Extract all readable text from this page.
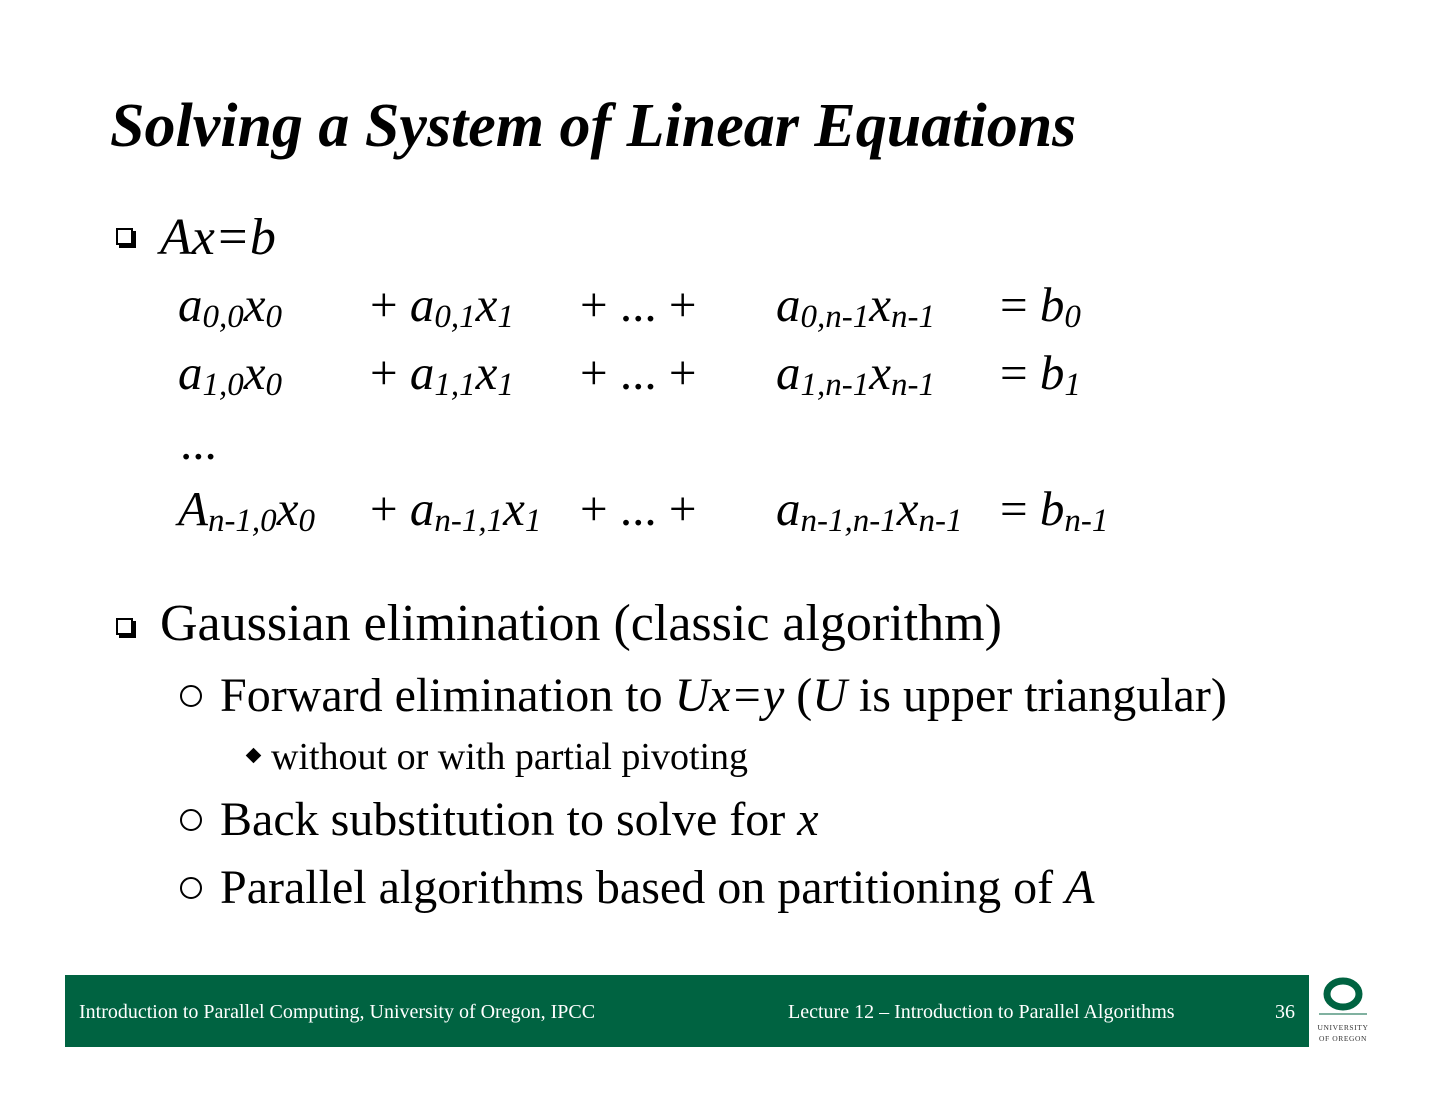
Solving a System of Linear Equations
Ax=b
$a_{0,0}x_0 + a_{0,1}x_1$ + ... + $a_{0,n-1}x_{n-1} = b_0$
$a_{1,0}x_0 + a_{1,1}x_1$ + ... + $a_{1,n-1}x_{n-1} = b_1$
...
$A_{n-1,0}x_0 + a_{n-1,1}x_1$ + ... + $a_{n-1,n-1}x_{n-1} = b_{n-1}$
Gaussian elimination (classic algorithm)
Forward elimination to Ux=y (U is upper triangular)
without or with partial pivoting
Back substitution to solve for x
Parallel algorithms based on partitioning of A
Introduction to Parallel Computing, University of Oregon, IPCC	Lecture 12 – Introduction to Parallel Algorithms	36
UNIVERSITY
OF OREGON
